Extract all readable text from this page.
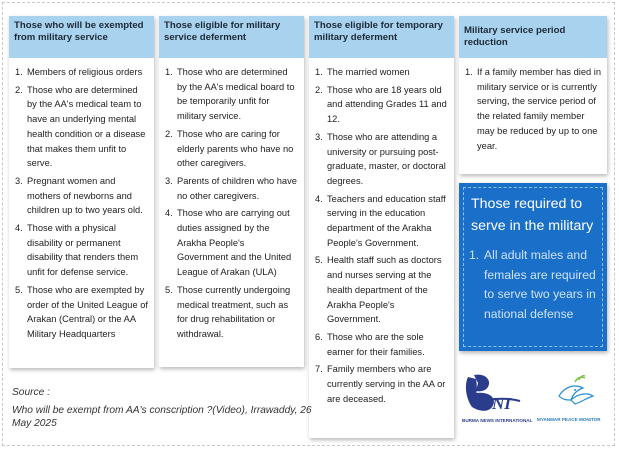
Those who will be exempted from military service
1. Members of religious orders
2. Those who are determined by the AA's medical team to have an underlying mental health condition or a disease that makes them unfit to serve.
3. Pregnant women and mothers of newborns and children up to two years old.
4. Those with a physical disability or permanent disability that renders them unfit for defense service.
5. Those who are exempted by order of the United League of Arakan (Central) or the AA Military Headquarters
Those eligible for military service deferment
1. Those who are determined by the AA's medical board to be temporarily unfit for military service.
2. Those who are caring for elderly parents who have no other caregivers.
3. Parents of children who have no other caregivers.
4. Those who are carrying out duties assigned by the Arakha People's Government and the United League of Arakan (ULA)
5. Those currently undergoing medical treatment, such as for drug rehabilitation or withdrawal.
Those eligible for temporary military deferment
1. The married women
2. Those who are 18 years old and attending Grades 11 and 12.
3. Those who are attending a university or pursuing post-graduate, master, or doctoral degrees.
4. Teachers and education staff serving in the education department of the Arakha People's Government.
5. Health staff such as doctors and nurses serving at the health department of the Arakha People's Government.
6. Those who are the sole earner for their families.
7. Family members who are currently serving in the AA or are deceased.
Military service period reduction
1. If a family member has died in military service or is currently serving, the service period of the related family member may be reduced by up to one year.
Those required to serve in the military
1. All adult males and females are required to serve two years in national defense
Source :
Who will be exempt from AA's conscription ?(Video), Irrawaddy, 26 May 2025
NI
BURMA NEWS INTERNATIONAL MYANMAR PEACE MONITOR
